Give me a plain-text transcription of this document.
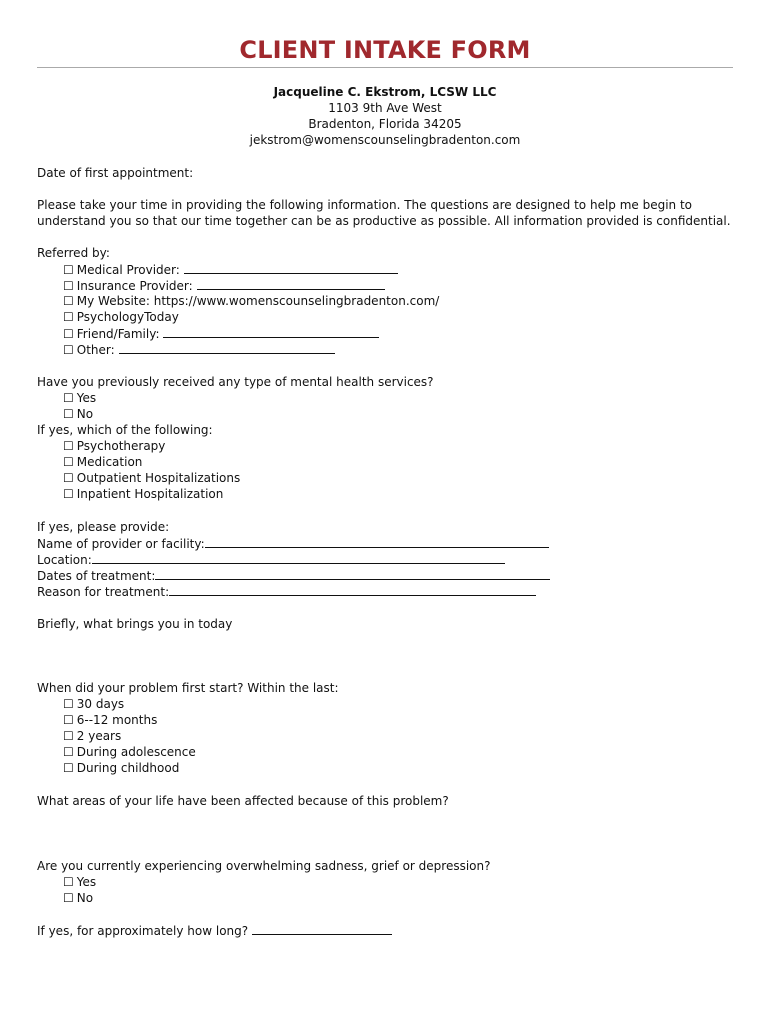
CLIENT INTAKE FORM
Jacqueline C. Ekstrom, LCSW LLC
1103 9th Ave West
Bradenton, Florida 34205
jekstrom@womenscounselingbradenton.com
Date of first appointment:
Please take your time in providing the following information. The questions are designed to help me begin to understand you so that our time together can be as productive as possible. All information provided is confidential.
Referred by:
☐ Medical Provider:
☐ Insurance Provider:
☐ My Website: https://www.womenscounselingbradenton.com/
☐ PsychologyToday
☐ Friend/Family:
☐ Other:
Have you previously received any type of mental health services?
☐ Yes
☐ No
If yes, which of the following:
☐ Psychotherapy
☐ Medication
☐ Outpatient Hospitalizations
☐ Inpatient Hospitalization
If yes, please provide:
Name of provider or facility:
Location:
Dates of treatment:
Reason for treatment:
Briefly, what brings you in today
When did your problem first start? Within the last:
☐ 30 days
☐ 6--12 months
☐ 2 years
☐ During adolescence
☐ During childhood
What areas of your life have been affected because of this problem?
Are you currently experiencing overwhelming sadness, grief or depression?
☐ Yes
☐ No
If yes, for approximately how long?
